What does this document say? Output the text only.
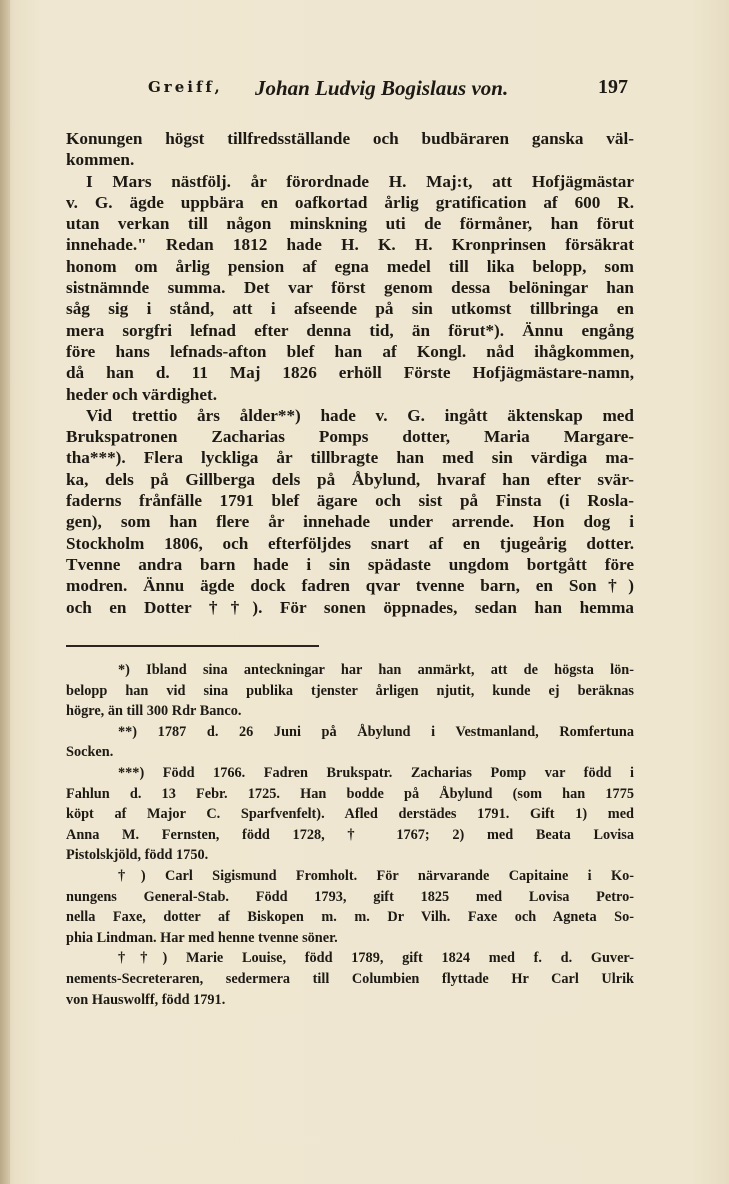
Greiff, Johan Ludvig Bogislaus von.	197
Konungen högst tillfredsställande och budbäraren ganska väl-
kommen.
I Mars nästfölj. år förordnade H. Maj:t, att Hofjägmästar
v. G. ägde uppbära en oafkortad årlig gratification af 600 R.
utan verkan till någon minskning uti de förmåner, han förut
innehade." Redan 1812 hade H. K. H. Kronprinsen försäkrat
honom om årlig pension af egna medel till lika belopp, som
sistnämnde summa. Det var först genom dessa belöningar han
såg sig i stånd, att i afseende på sin utkomst tillbringa en
mera sorgfri lefnad efter denna tid, än förut*). Ännu engång
före hans lefnads-afton blef han af Kongl. nåd ihågkommen,
då han d. 11 Maj 1826 erhöll Förste Hofjägmästare-namn,
heder och värdighet.
Vid trettio års ålder**) hade v. G. ingått äktenskap med
Brukspatronen Zacharias Pomps dotter, Maria Margare-
tha***). Flera lyckliga år tillbragte han med sin värdiga ma-
ka, dels på Gillberga dels på Åbylund, hvaraf han efter svär-
faderns frånfälle 1791 blef ägare och sist på Finsta (i Rosla-
gen), som han flere år innehade under arrende. Hon dog i
Stockholm 1806, och efterföljdes snart af en tjugeårig dotter.
Tvenne andra barn hade i sin spädaste ungdom bortgått före
modren. Ännu ägde dock fadren qvar tvenne barn, en Son†)
och en Dotter ††). För sonen öppnades, sedan han hemma
*) Ibland sina anteckningar har han anmärkt, att de högsta lön-
belopp han vid sina publika tjenster årligen njutit, kunde ej beräknas
högre, än till 300 Rdr Banco.
**) 1787 d. 26 Juni på Åbylund i Vestmanland, Romfertuna
Socken.
***) Född 1766. Fadren Brukspatr. Zacharias Pomp var född i
Fahlun d. 13 Febr. 1725. Han bodde på Åbylund (som han 1775
köpt af Major C. Sparfvenfelt). Afled derstädes 1791. Gift 1) med
Anna M. Fernsten, född 1728, † 1767; 2) med Beata Lovisa
Pistolskjöld, född 1750.
†) Carl Sigismund Fromholt. För närvarande Capitaine i Ko-
nungens General-Stab. Född 1793, gift 1825 med Lovisa Petro-
nella Faxe, dotter af Biskopen m. m. Dr Vilh. Faxe och Agneta So-
phia Lindman. Har med henne tvenne söner.
††) Marie Louise, född 1789, gift 1824 med f. d. Guver-
nements-Secreteraren, sedermera till Columbien flyttade Hr Carl Ulrik
von Hauswolff, född 1791.
